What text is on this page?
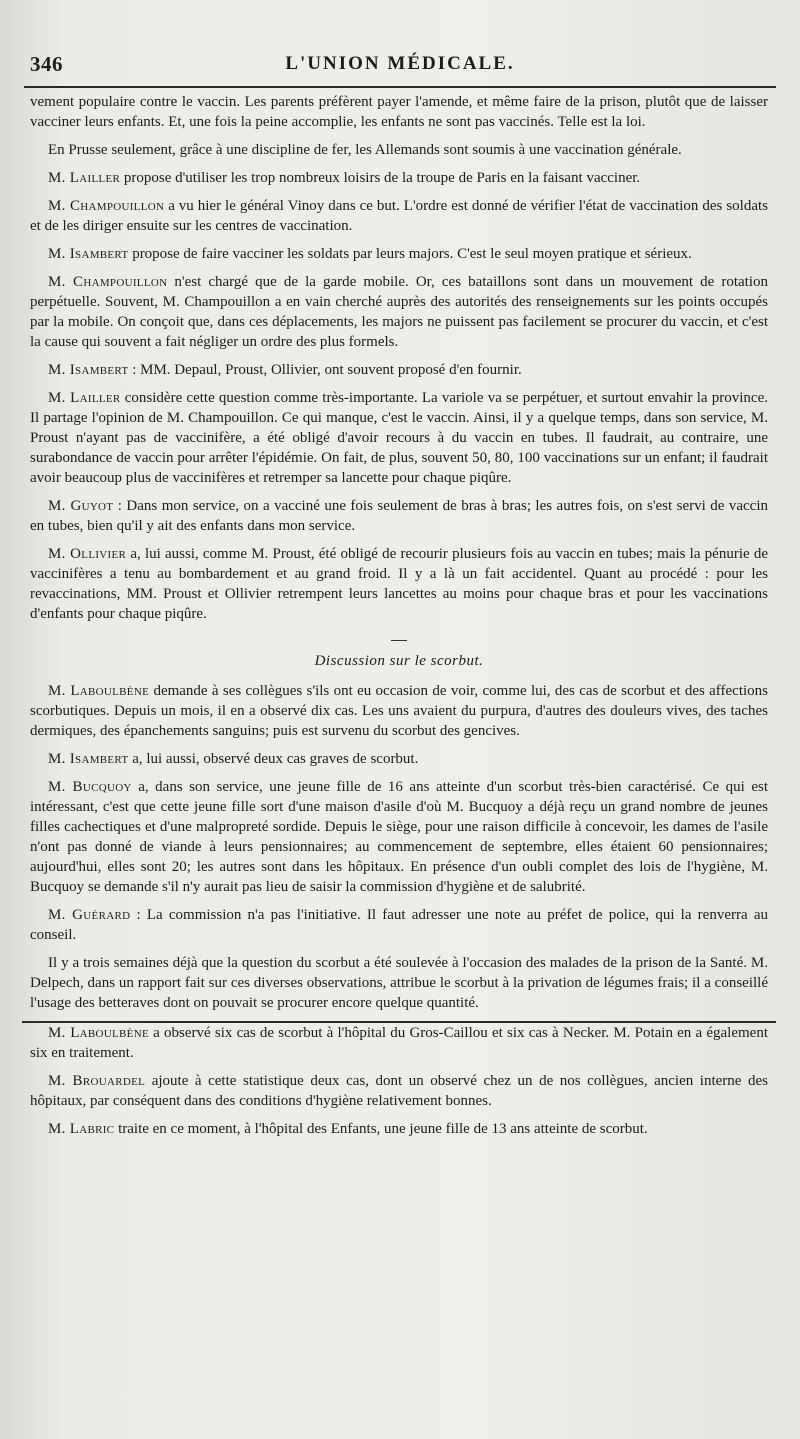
346	L'UNION MÉDICALE.

vement populaire contre le vaccin. Les parents préfèrent payer l'amende, et même faire de la prison, plutôt que de laisser vacciner leurs enfants. Et, une fois la peine accomplie, les enfants ne sont pas vaccinés. Telle est la loi.

En Prusse seulement, grâce à une discipline de fer, les Allemands sont soumis à une vaccination générale.

M. Lailler propose d'utiliser les trop nombreux loisirs de la troupe de Paris en la faisant vacciner.

M. Champouillon a vu hier le général Vinoy dans ce but. L'ordre est donné de vérifier l'état de vaccination des soldats et de les diriger ensuite sur les centres de vaccination.

M. Isambert propose de faire vacciner les soldats par leurs majors. C'est le seul moyen pratique et sérieux.

M. Champouillon n'est chargé que de la garde mobile. Or, ces bataillons sont dans un mouvement de rotation perpétuelle. Souvent, M. Champouillon a en vain cherché auprès des autorités des renseignements sur les points occupés par la mobile. On conçoit que, dans ces déplacements, les majors ne puissent pas facilement se procurer du vaccin, et c'est la cause qui souvent a fait négliger un ordre des plus formels.

M. Isambert : MM. Depaul, Proust, Ollivier, ont souvent proposé d'en fournir.

M. Lailler considère cette question comme très-importante. La variole va se perpétuer, et surtout envahir la province. Il partage l'opinion de M. Champouillon. Ce qui manque, c'est le vaccin. Ainsi, il y a quelque temps, dans son service, M. Proust n'ayant pas de vaccinifère, a été obligé d'avoir recours à du vaccin en tubes. Il faudrait, au contraire, une surabondance de vaccin pour arrêter l'épidémie. On fait, de plus, souvent 50, 80, 100 vaccinations sur un enfant; il faudrait avoir beaucoup plus de vaccinifères et retremper sa lancette pour chaque piqûre.

M. Guyot : Dans mon service, on a vacciné une fois seulement de bras à bras; les autres fois, on s'est servi de vaccin en tubes, bien qu'il y ait des enfants dans mon service.

M. Ollivier a, lui aussi, comme M. Proust, été obligé de recourir plusieurs fois au vaccin en tubes; mais la pénurie de vaccinifères a tenu au bombardement et au grand froid. Il y a là un fait accidentel. Quant au procédé : pour les revaccinations, MM. Proust et Ollivier retrempent leurs lancettes au moins pour chaque bras et pour les vaccinations d'enfants pour chaque piqûre.

Discussion sur le scorbut.

M. Laboulbène demande à ses collègues s'ils ont eu occasion de voir, comme lui, des cas de scorbut et des affections scorbutiques. Depuis un mois, il en a observé dix cas. Les uns avaient du purpura, d'autres des douleurs vives, des taches dermiques, des épanchements sanguins; puis est survenu du scorbut des gencives.

M. Isambert a, lui aussi, observé deux cas graves de scorbut.

M. Bucquoy a, dans son service, une jeune fille de 16 ans atteinte d'un scorbut très-bien caractérisé. Ce qui est intéressant, c'est que cette jeune fille sort d'une maison d'asile d'où M. Bucquoy a déjà reçu un grand nombre de jeunes filles cachectiques et d'une malpropreté sordide. Depuis le siège, pour une raison difficile à concevoir, les dames de l'asile n'ont pas donné de viande à leurs pensionnaires; au commencement de septembre, elles étaient 60 pensionnaires; aujourd'hui, elles sont 20; les autres sont dans les hôpitaux. En présence d'un oubli complet des lois de l'hygiène, M. Bucquoy se demande s'il n'y aurait pas lieu de saisir la commission d'hygiène et de salubrité.

M. Guérard : La commission n'a pas l'initiative. Il faut adresser une note au préfet de police, qui la renverra au conseil.

Il y a trois semaines déjà que la question du scorbut a été soulevée à l'occasion des malades de la prison de la Santé. M. Delpech, dans un rapport fait sur ces diverses observations, attribue le scorbut à la privation de légumes frais; il a conseillé l'usage des betteraves dont on pouvait se procurer encore quelque quantité.

M. Laboulbène a observé six cas de scorbut à l'hôpital du Gros-Caillou et six cas à Necker. M. Potain en a également six en traitement.

M. Brouardel ajoute à cette statistique deux cas, dont un observé chez un de nos collègues, ancien interne des hôpitaux, par conséquent dans des conditions d'hygiène relativement bonnes.

M. Labric traite en ce moment, à l'hôpital des Enfants, une jeune fille de 13 ans atteinte de scorbut.
